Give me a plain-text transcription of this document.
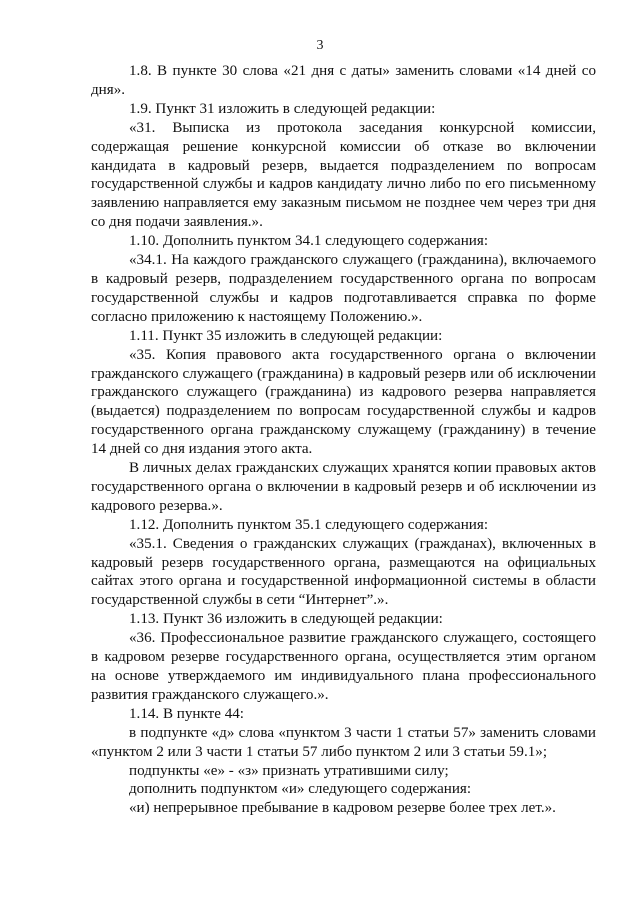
3

1.8. В пункте 30 слова «21 дня с даты» заменить словами «14 дней со дня».

1.9. Пункт 31 изложить в следующей редакции:

«31. Выписка из протокола заседания конкурсной комиссии, содержащая решение конкурсной комиссии об отказе во включении кандидата в кадровый резерв, выдается подразделением по вопросам государственной службы и кадров кандидату лично либо по его письменному заявлению направляется ему заказным письмом не позднее чем через три дня со дня подачи заявления.».

1.10. Дополнить пунктом 34.1 следующего содержания:

«34.1. На каждого гражданского служащего (гражданина), включаемого в кадровый резерв, подразделением государственного органа по вопросам государственной службы и кадров подготавливается справка по форме согласно приложению к настоящему Положению.».

1.11. Пункт 35 изложить в следующей редакции:

«35. Копия правового акта государственного органа о включении гражданского служащего (гражданина) в кадровый резерв или об исключении гражданского служащего (гражданина) из кадрового резерва направляется (выдается) подразделением по вопросам государственной службы и кадров государственного органа гражданскому служащему (гражданину) в течение 14 дней со дня издания этого акта.

В личных делах гражданских служащих хранятся копии правовых актов государственного органа о включении в кадровый резерв и об исключении из кадрового резерва.».

1.12. Дополнить пунктом 35.1 следующего содержания:

«35.1. Сведения о гражданских служащих (гражданах), включенных в кадровый резерв государственного органа, размещаются на официальных сайтах этого органа и государственной информационной системы в области государственной службы в сети “Интернет”.».

1.13. Пункт 36 изложить в следующей редакции:

«36. Профессиональное развитие гражданского служащего, состоящего в кадровом резерве государственного органа, осуществляется этим органом на основе утверждаемого им индивидуального плана профессионального развития гражданского служащего.».

1.14. В пункте 44:

в подпункте «д» слова «пунктом 3 части 1 статьи 57» заменить словами «пунктом 2 или 3 части 1 статьи 57 либо пунктом 2 или 3 статьи 59.1»;

подпункты «е» - «з» признать утратившими силу;

дополнить подпунктом «и» следующего содержания:

«и) непрерывное пребывание в кадровом резерве более трех лет.».
